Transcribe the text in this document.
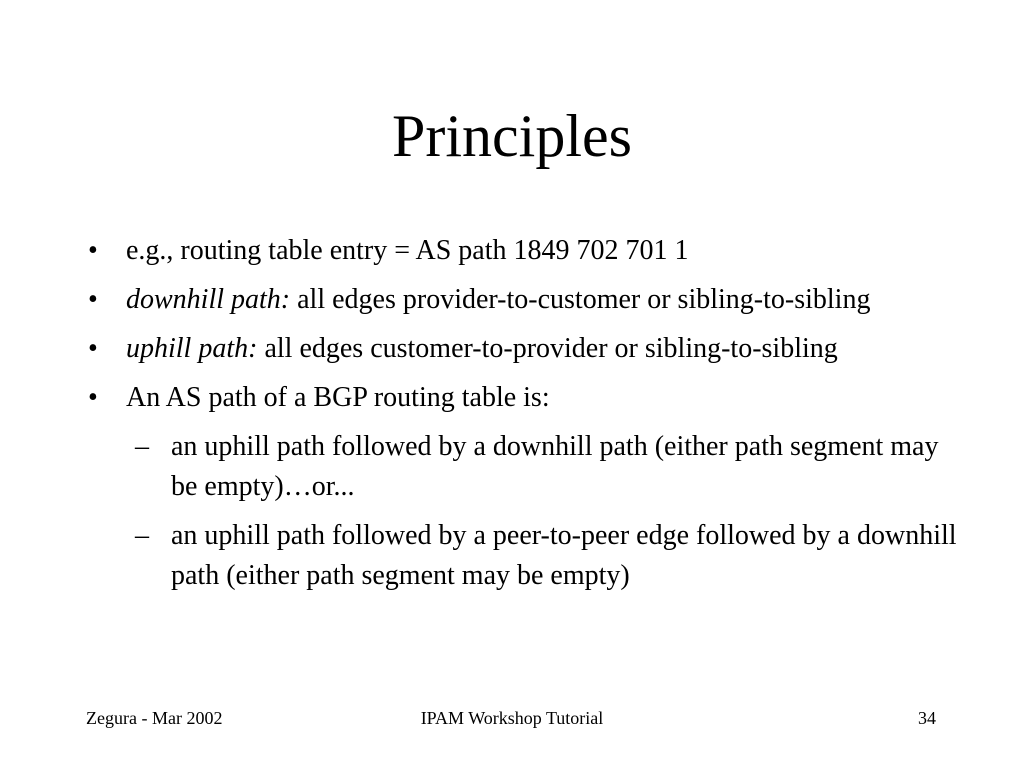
Principles
• e.g., routing table entry = AS path 1849 702 701 1
• downhill path: all edges provider-to-customer or sibling-to-sibling
• uphill path: all edges customer-to-provider or sibling-to-sibling
• An AS path of a BGP routing table is:
– an uphill path followed by a downhill path (either path segment may be empty)…or...
– an uphill path followed by a peer-to-peer edge followed by a downhill path (either path segment may be empty)
Zegura - Mar 2002	IPAM Workshop Tutorial	34
